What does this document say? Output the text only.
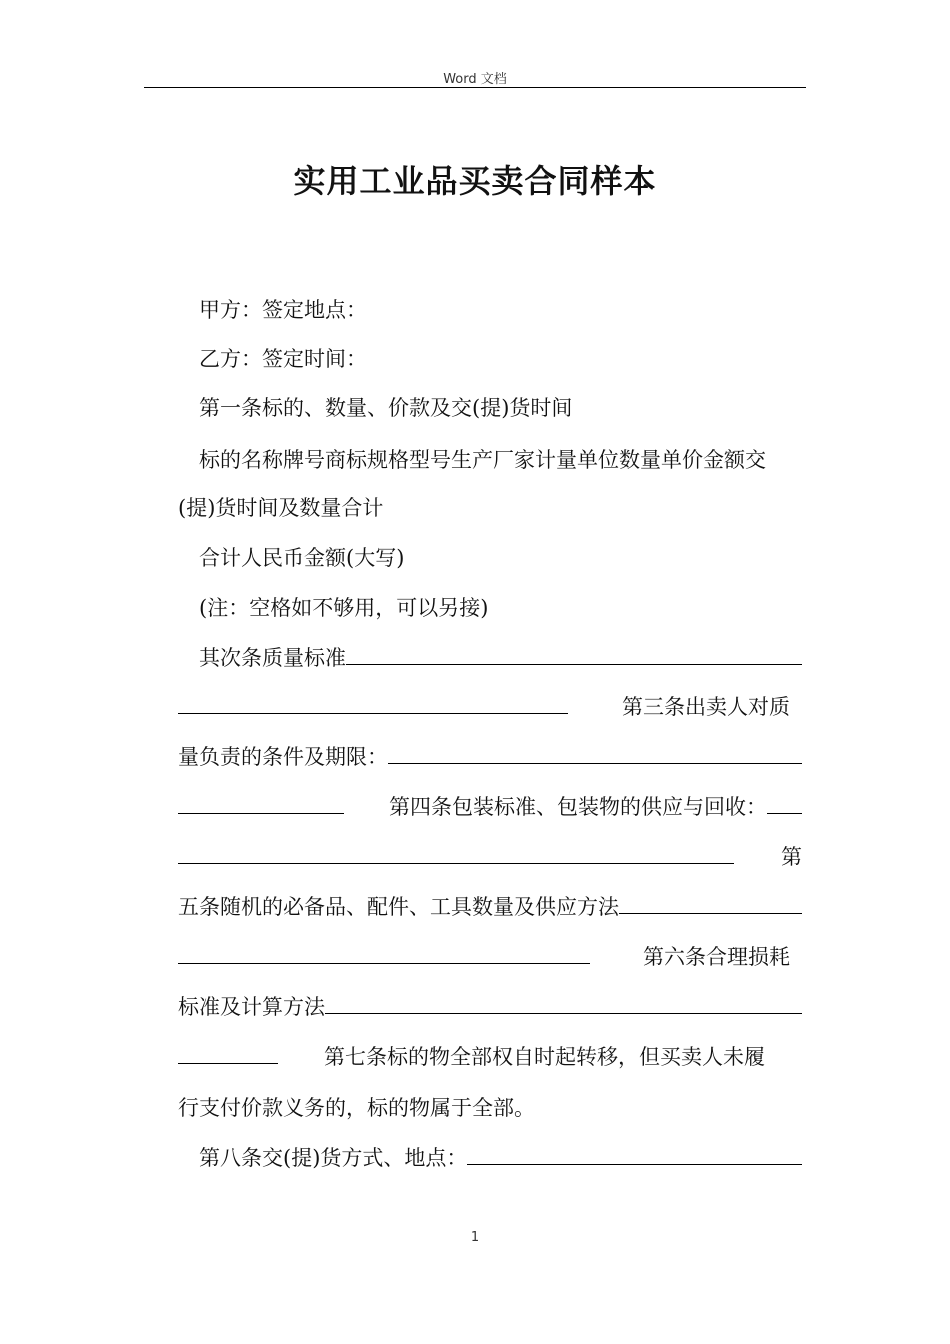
Word 文档
实用工业品买卖合同样本
甲方：签定地点：
乙方：签定时间：
第一条标的、数量、价款及交(提)货时间
标的名称牌号商标规格型号生产厂家计量单位数量单价金额交
(提)货时间及数量合计
合计人民币金额(大写)
(注：空格如不够用，可以另接)
其次条质量标准
第三条出卖人对质
量负责的条件及期限：
第四条包装标准、包装物的供应与回收：
第
五条随机的必备品、配件、工具数量及供应方法
第六条合理损耗
标准及计算方法
第七条标的物全部权自时起转移，但买卖人未履
行支付价款义务的，标的物属于全部。
第八条交(提)货方式、地点：
1
